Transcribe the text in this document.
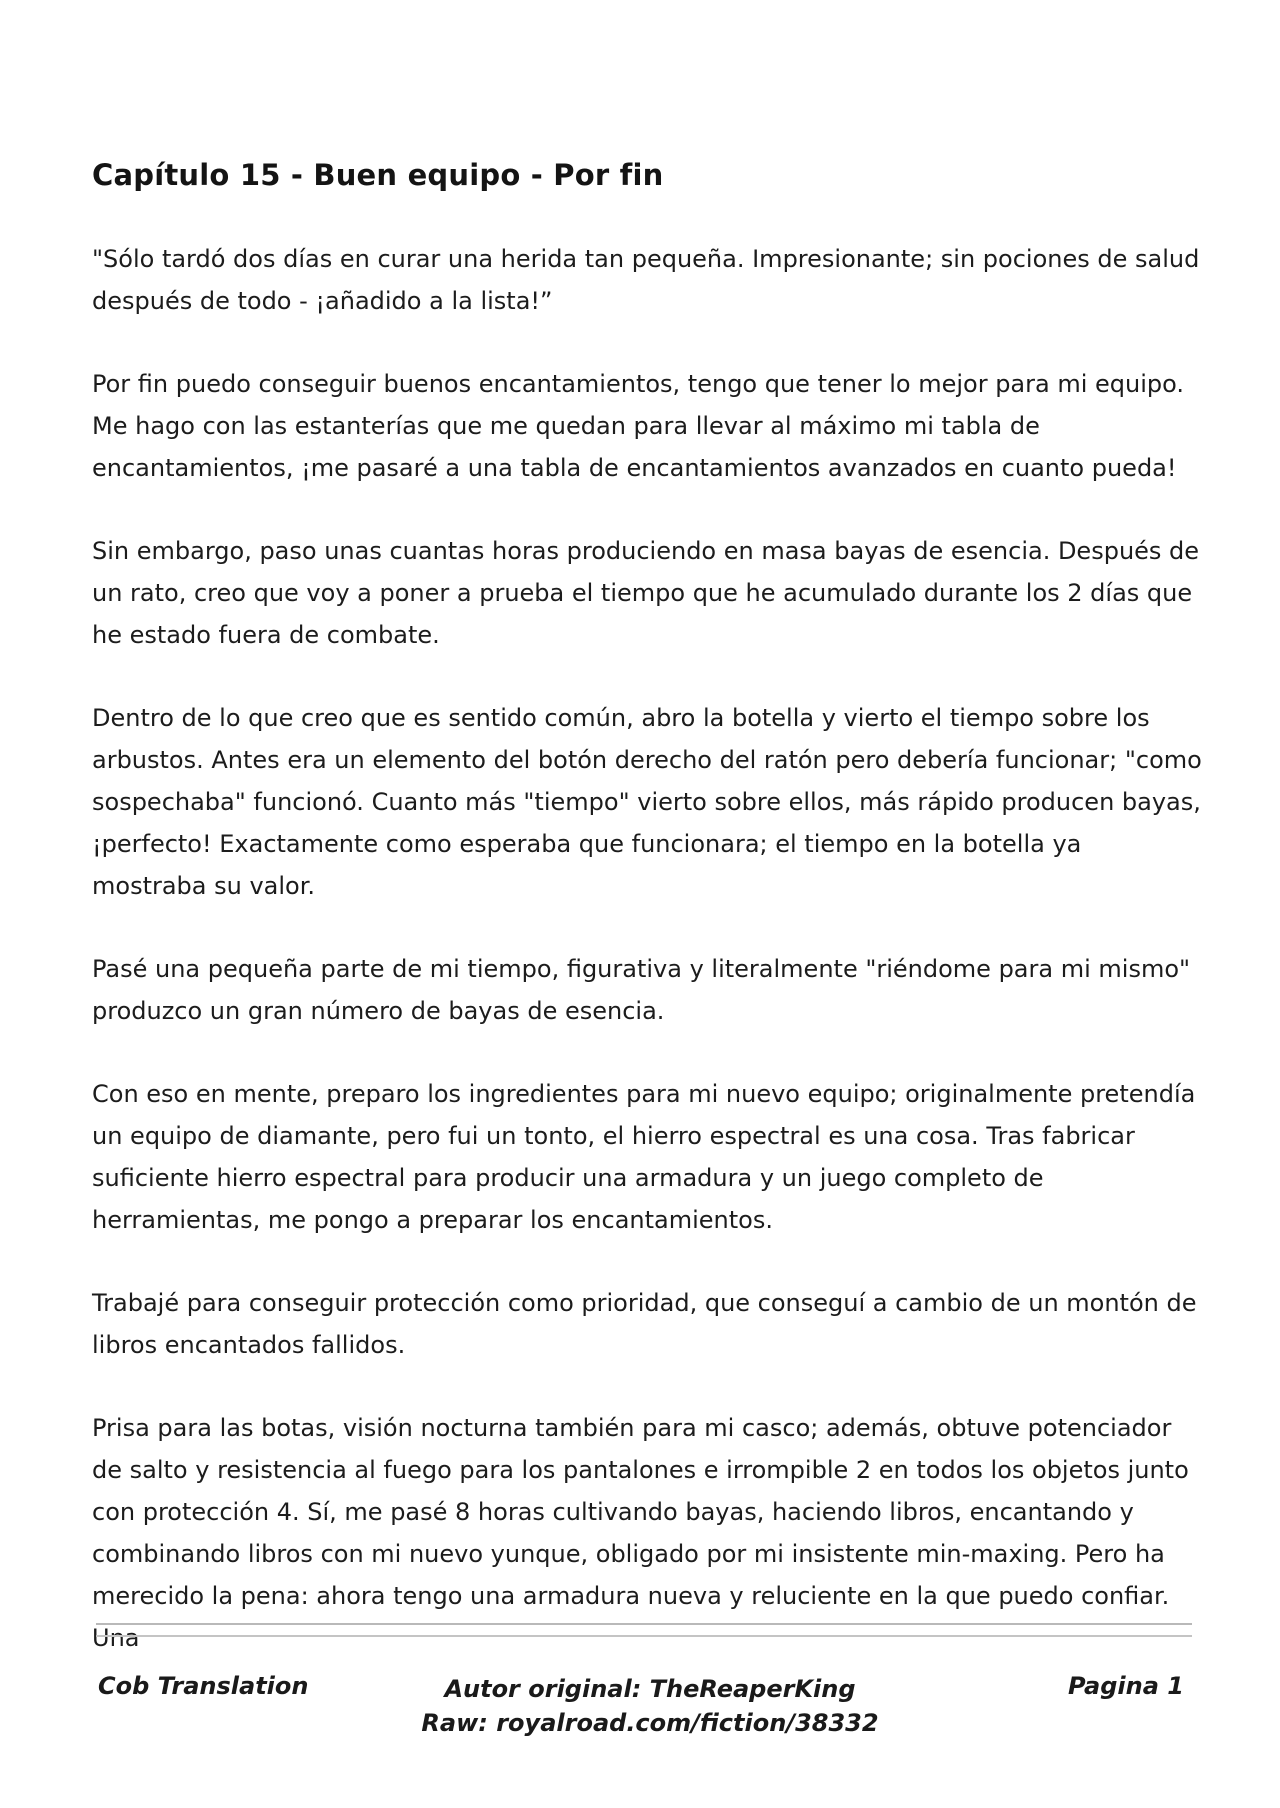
Capítulo 15 - Buen equipo - Por fin

"Sólo tardó dos días en curar una herida tan pequeña. Impresionante; sin pociones de salud después de todo - ¡añadido a la lista!”

Por fin puedo conseguir buenos encantamientos, tengo que tener lo mejor para mi equipo. Me hago con las estanterías que me quedan para llevar al máximo mi tabla de encantamientos, ¡me pasaré a una tabla de encantamientos avanzados en cuanto pueda!

Sin embargo, paso unas cuantas horas produciendo en masa bayas de esencia. Después de un rato, creo que voy a poner a prueba el tiempo que he acumulado durante los 2 días que he estado fuera de combate.

Dentro de lo que creo que es sentido común, abro la botella y vierto el tiempo sobre los arbustos. Antes era un elemento del botón derecho del ratón pero debería funcionar; "como sospechaba" funcionó. Cuanto más "tiempo" vierto sobre ellos, más rápido producen bayas, ¡perfecto! Exactamente como esperaba que funcionara; el tiempo en la botella ya mostraba su valor.

Pasé una pequeña parte de mi tiempo, figurativa y literalmente "riéndome para mi mismo" produzco un gran número de bayas de esencia.

Con eso en mente, preparo los ingredientes para mi nuevo equipo; originalmente pretendía un equipo de diamante, pero fui un tonto, el hierro espectral es una cosa. Tras fabricar suficiente hierro espectral para producir una armadura y un juego completo de herramientas, me pongo a preparar los encantamientos.

Trabajé para conseguir protección como prioridad, que conseguí a cambio de un montón de libros encantados fallidos.

Prisa para las botas, visión nocturna también para mi casco; además, obtuve potenciador de salto y resistencia al fuego para los pantalones e irrompible 2 en todos los objetos junto con protección 4. Sí, me pasé 8 horas cultivando bayas, haciendo libros, encantando y combinando libros con mi nuevo yunque, obligado por mi insistente min-maxing. Pero ha merecido la pena: ahora tengo una armadura nueva y reluciente en la que puedo confiar. Una

Cob Translation	Autor original: TheReaperKing
Raw: royalroad.com/fiction/38332
Pagina 1
